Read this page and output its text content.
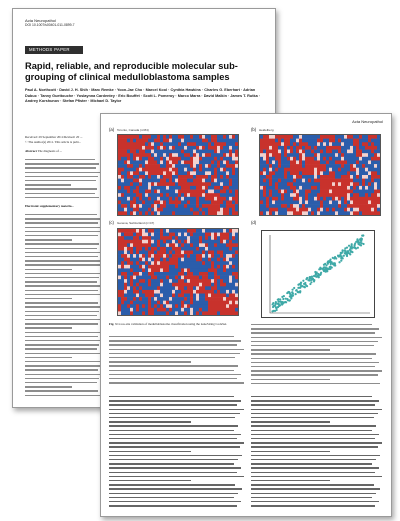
Acta Neuropathol
DOI 10.1007/s00401-011-0899-7
METHODS PAPER
Rapid, reliable, and reproducible molecular sub-grouping of clinical medulloblastoma samples
Paul A. Northcott · David J. H. Shih · Marc Remke · Yoon-Jae Cho · Marcel Kool · Cynthia Hawkins · Charles G. Eberhart · Adrian Dubuc · Tanny Guettouche · Yoslaynna Cardentey · Eric Bouffet · Scott L. Pomeroy · Marco Marra · David Malkin · James T. Rutka · Andrey Korshunov · Stefan Pfister · Michael D. Taylor
Received: 29 September 2011/Revised: 20 ...
© The Author(s) 2011. This article is publ...
Abstract The diagnosis of ...
Electronic supplementary materia...
Acta Neuropathol
(a) Toronto, Canada (n=84)	(b) Heidelberg
(c) Geneva, Switzerland (n=47)	(d)
Fig. 3 Cross-site validation of medulloblastoma classification using the nanoString CodeSet.
